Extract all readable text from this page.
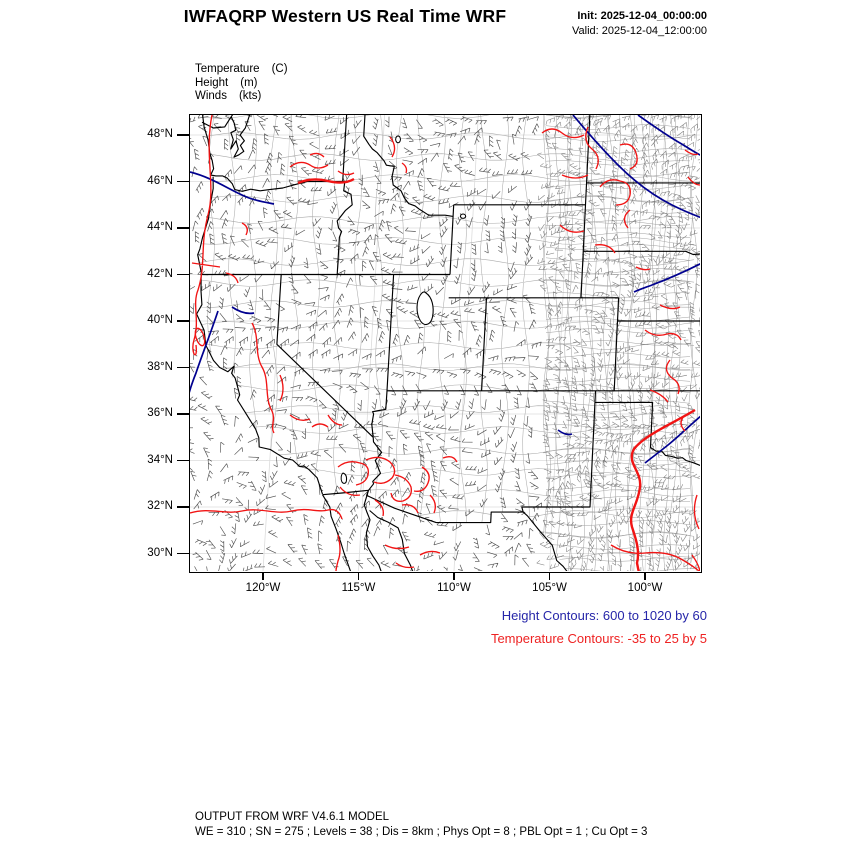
IWFAQRP Western US Real Time WRF	Init: 2025-12-04_00:00:00
Valid: 2025-12-04_12:00:00
Temperature (C)
Height (m)
Winds (kts)
48°N
46°N
44°N
42°N
40°N
38°N
36°N
34°N
32°N
30°N
120°W	115°W	110°W	105°W	100°W
Height Contours: 600 to 1020 by 60
Temperature Contours: -35 to 25 by 5
OUTPUT FROM WRF V4.6.1 MODEL
WE = 310 ; SN = 275 ; Levels = 38 ; Dis = 8km ; Phys Opt = 8 ; PBL Opt = 1 ; Cu Opt = 3
